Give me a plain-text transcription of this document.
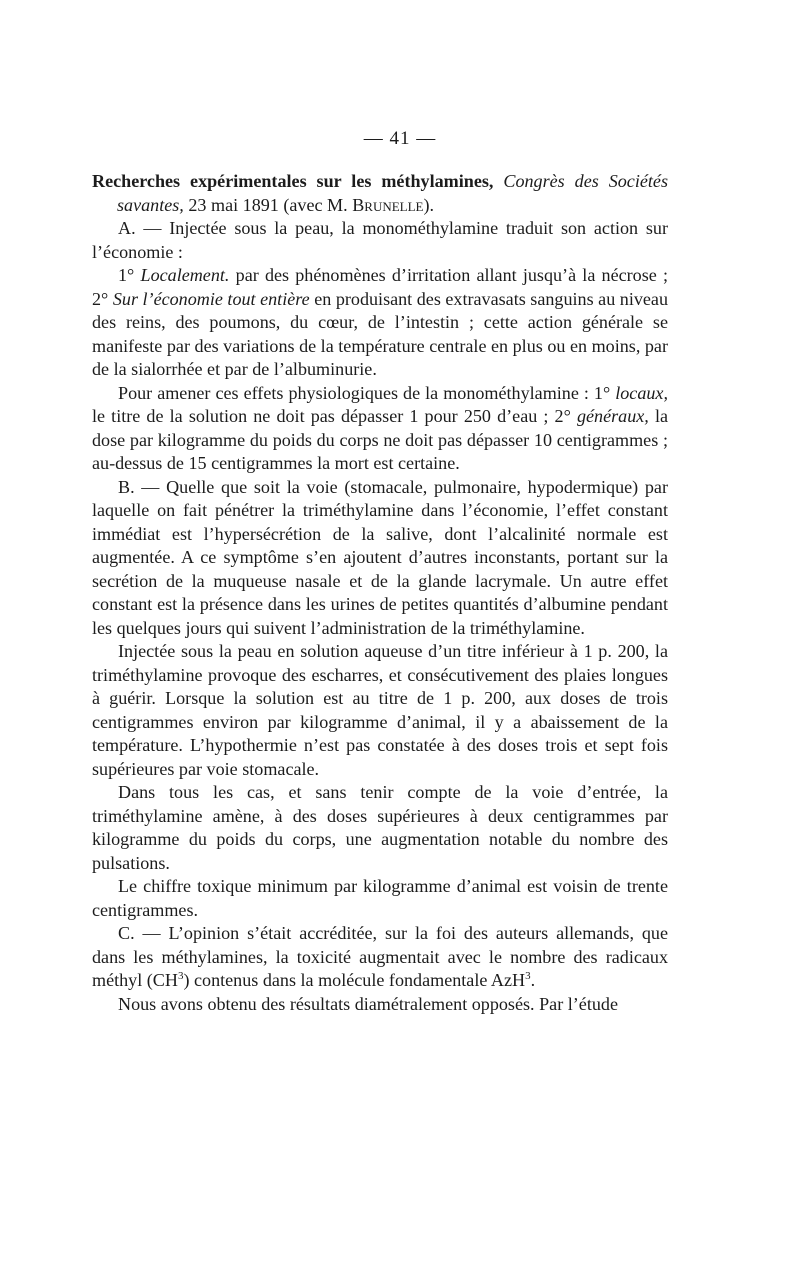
— 41 —

Recherches expérimentales sur les méthylamines, Congrès des Sociétés savantes, 23 mai 1891 (avec M. Brunelle).

A. — Injectée sous la peau, la monométhylamine traduit son action sur l’économie :

1° Localement. par des phénomènes d’irritation allant jusqu’à la nécrose ; 2° Sur l’économie tout entière en produisant des extravasats sanguins au niveau des reins, des poumons, du cœur, de l’intestin ; cette action générale se manifeste par des variations de la température centrale en plus ou en moins, par de la sialorrhée et par de l’albuminurie.

Pour amener ces effets physiologiques de la monométhylamine : 1° locaux, le titre de la solution ne doit pas dépasser 1 pour 250 d’eau ; 2° généraux, la dose par kilogramme du poids du corps ne doit pas dépasser 10 centigrammes ; au-dessus de 15 centigrammes la mort est certaine.

B. — Quelle que soit la voie (stomacale, pulmonaire, hypodermique) par laquelle on fait pénétrer la triméthylamine dans l’économie, l’effet constant immédiat est l’hypersécrétion de la salive, dont l’alcalinité normale est augmentée. A ce symptôme s’en ajoutent d’autres inconstants, portant sur la secrétion de la muqueuse nasale et de la glande lacrymale. Un autre effet constant est la présence dans les urines de petites quantités d’albumine pendant les quelques jours qui suivent l’administration de la triméthylamine.

Injectée sous la peau en solution aqueuse d’un titre inférieur à 1 p. 200, la triméthylamine provoque des escharres, et consécutivement des plaies longues à guérir. Lorsque la solution est au titre de 1 p. 200, aux doses de trois centigrammes environ par kilogramme d’animal, il y a abaissement de la température. L’hypothermie n’est pas constatée à des doses trois et sept fois supérieures par voie stomacale.

Dans tous les cas, et sans tenir compte de la voie d’entrée, la triméthylamine amène, à des doses supérieures à deux centigrammes par kilogramme du poids du corps, une augmentation notable du nombre des pulsations.

Le chiffre toxique minimum par kilogramme d’animal est voisin de trente centigrammes.

C. — L’opinion s’était accréditée, sur la foi des auteurs allemands, que dans les méthylamines, la toxicité augmentait avec le nombre des radicaux méthyl $(CH^3)$ contenus dans la molécule fondamentale AzH$^3$.

Nous avons obtenu des résultats diamétralement opposés. Par l’étude
